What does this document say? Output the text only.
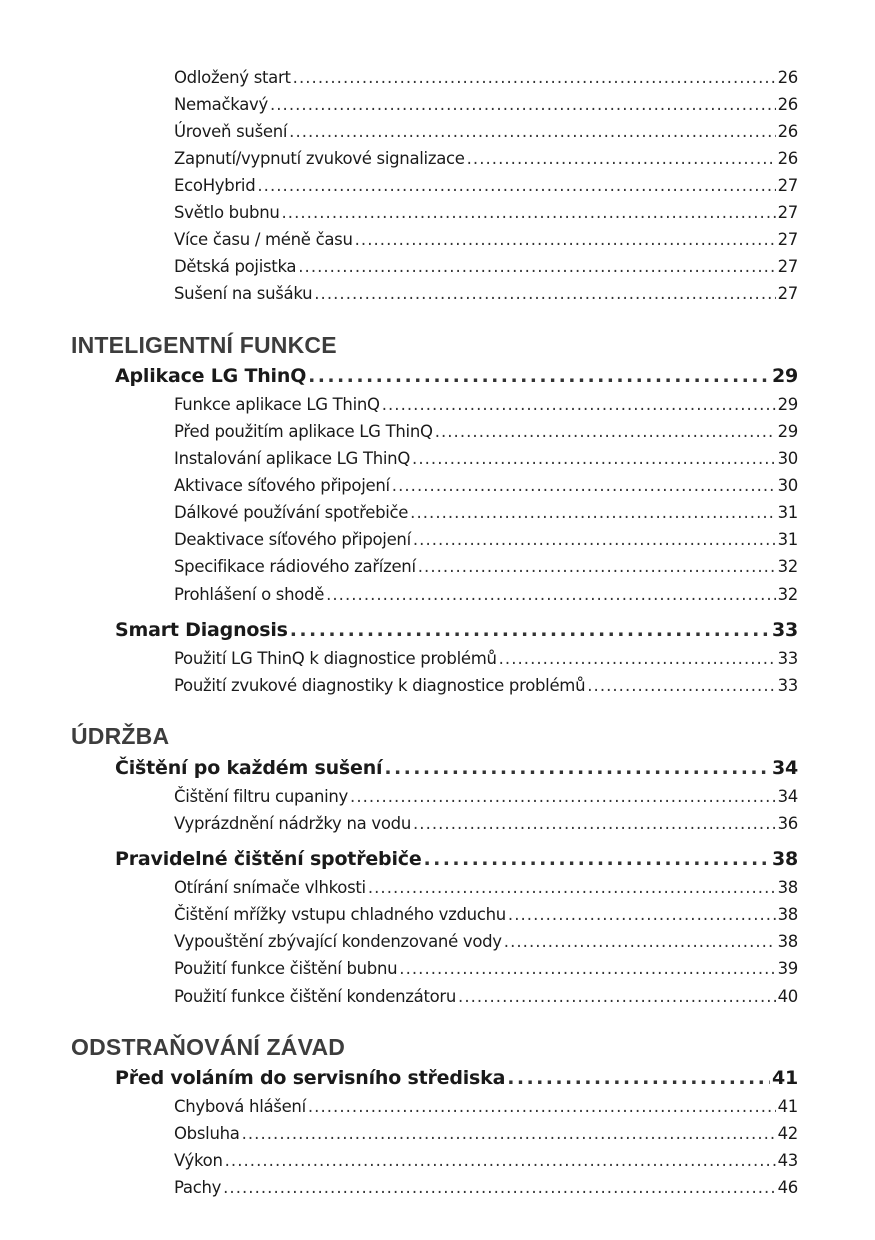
Odložený start . . .	26
Nemačkavý . . .	26
Úroveň sušení . . .	26
Zapnutí/vypnutí zvukové signalizace . . .	26
EcoHybrid . . .	27
Světlo bubnu . . .	27
Více času / méně času . . .	27
Dětská pojistka . . .	27
Sušení na sušáku . . .	27
INTELIGENTNÍ FUNKCE
Aplikace LG ThinQ . . .	29
Funkce aplikace LG ThinQ . . .	29
Před použitím aplikace LG ThinQ . . .	29
Instalování aplikace LG ThinQ . . .	30
Aktivace síťového připojení . . .	30
Dálkové používání spotřebiče . . .	31
Deaktivace síťového připojení . . .	31
Specifikace rádiového zařízení . . .	32
Prohlášení o shodě . . .	32
Smart Diagnosis . . .	33
Použití LG ThinQ k diagnostice problémů . . .	33
Použití zvukové diagnostiky k diagnostice problémů . . .	33
ÚDRŽBA
Čištění po každém sušení . . .	34
Čištění filtru cupaniny . . .	34
Vyprázdnění nádržky na vodu . . .	36
Pravidelné čištění spotřebiče . . .	38
Otírání snímače vlhkosti . . .	38
Čištění mřížky vstupu chladného vzduchu . . .	38
Vypouštění zbývající kondenzované vody . . .	38
Použití funkce čištění bubnu . . .	39
Použití funkce čištění kondenzátoru . . .	40
ODSTRAŇOVÁNÍ ZÁVAD
Před voláním do servisního střediska . . .	41
Chybová hlášení . . .	41
Obsluha . . .	42
Výkon . . .	43
Pachy . . .	46
